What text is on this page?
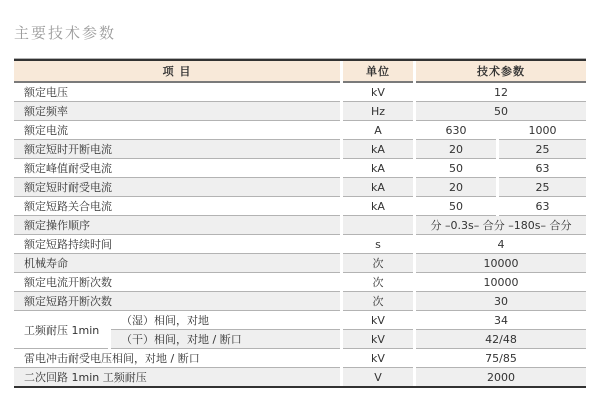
主要技术参数
项 目		单位	技术参数	
额定电压		kV	12	
额定频率		Hz	50	
额定电流		A	630	1000
额定短时开断电流		kA	20	25
额定峰值耐受电流		kA	50	63
额定短时耐受电流		kA	20	25
额定短路关合电流		kA	50	63
额定操作顺序			分 –0.3s– 合分 –180s– 合分	
额定短路持续时间		s	4	
机械寿命		次	10000	
额定电流开断次数		次	10000	
额定短路开断次数		次	30	
工频耐压 1min	（湿）相间，对地	kV	34	
	（干）相间，对地 / 断口	kV	42/48	
雷电冲击耐受电压相间，对地 / 断口		kV	75/85	
二次回路 1min 工频耐压		V	2000	
